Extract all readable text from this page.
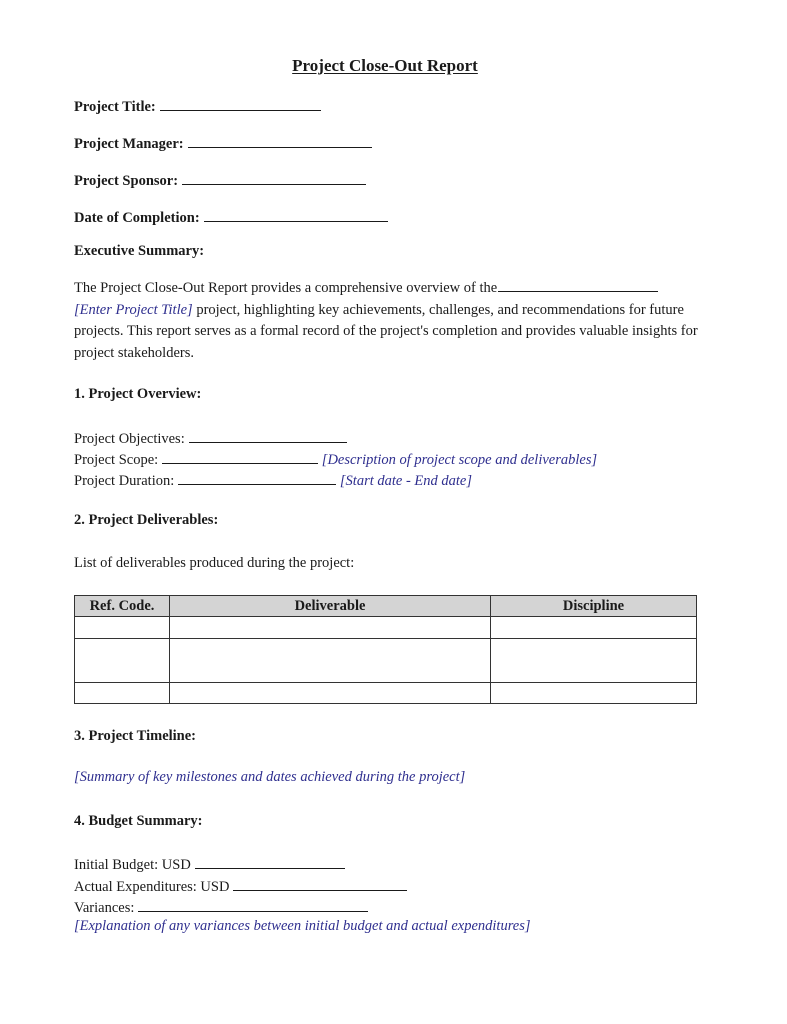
Project Close-Out Report
Project Title:
Project Manager:
Project Sponsor:
Date of Completion:
Executive Summary:
The Project Close-Out Report provides a comprehensive overview of the
[Enter Project Title] project, highlighting key achievements, challenges, and recommendations for future projects. This report serves as a formal record of the project's completion and provides valuable insights for project stakeholders.
1. Project Overview:
Project Objectives:
Project Scope:	[Description of project scope and deliverables]
Project Duration:	[Start date - End date]
2. Project Deliverables:
List of deliverables produced during the project:
Ref. Code.	Deliverable	Discipline

3. Project Timeline:
[Summary of key milestones and dates achieved during the project]
4. Budget Summary:
Initial Budget: USD
Actual Expenditures: USD
Variances:
[Explanation of any variances between initial budget and actual expenditures]
